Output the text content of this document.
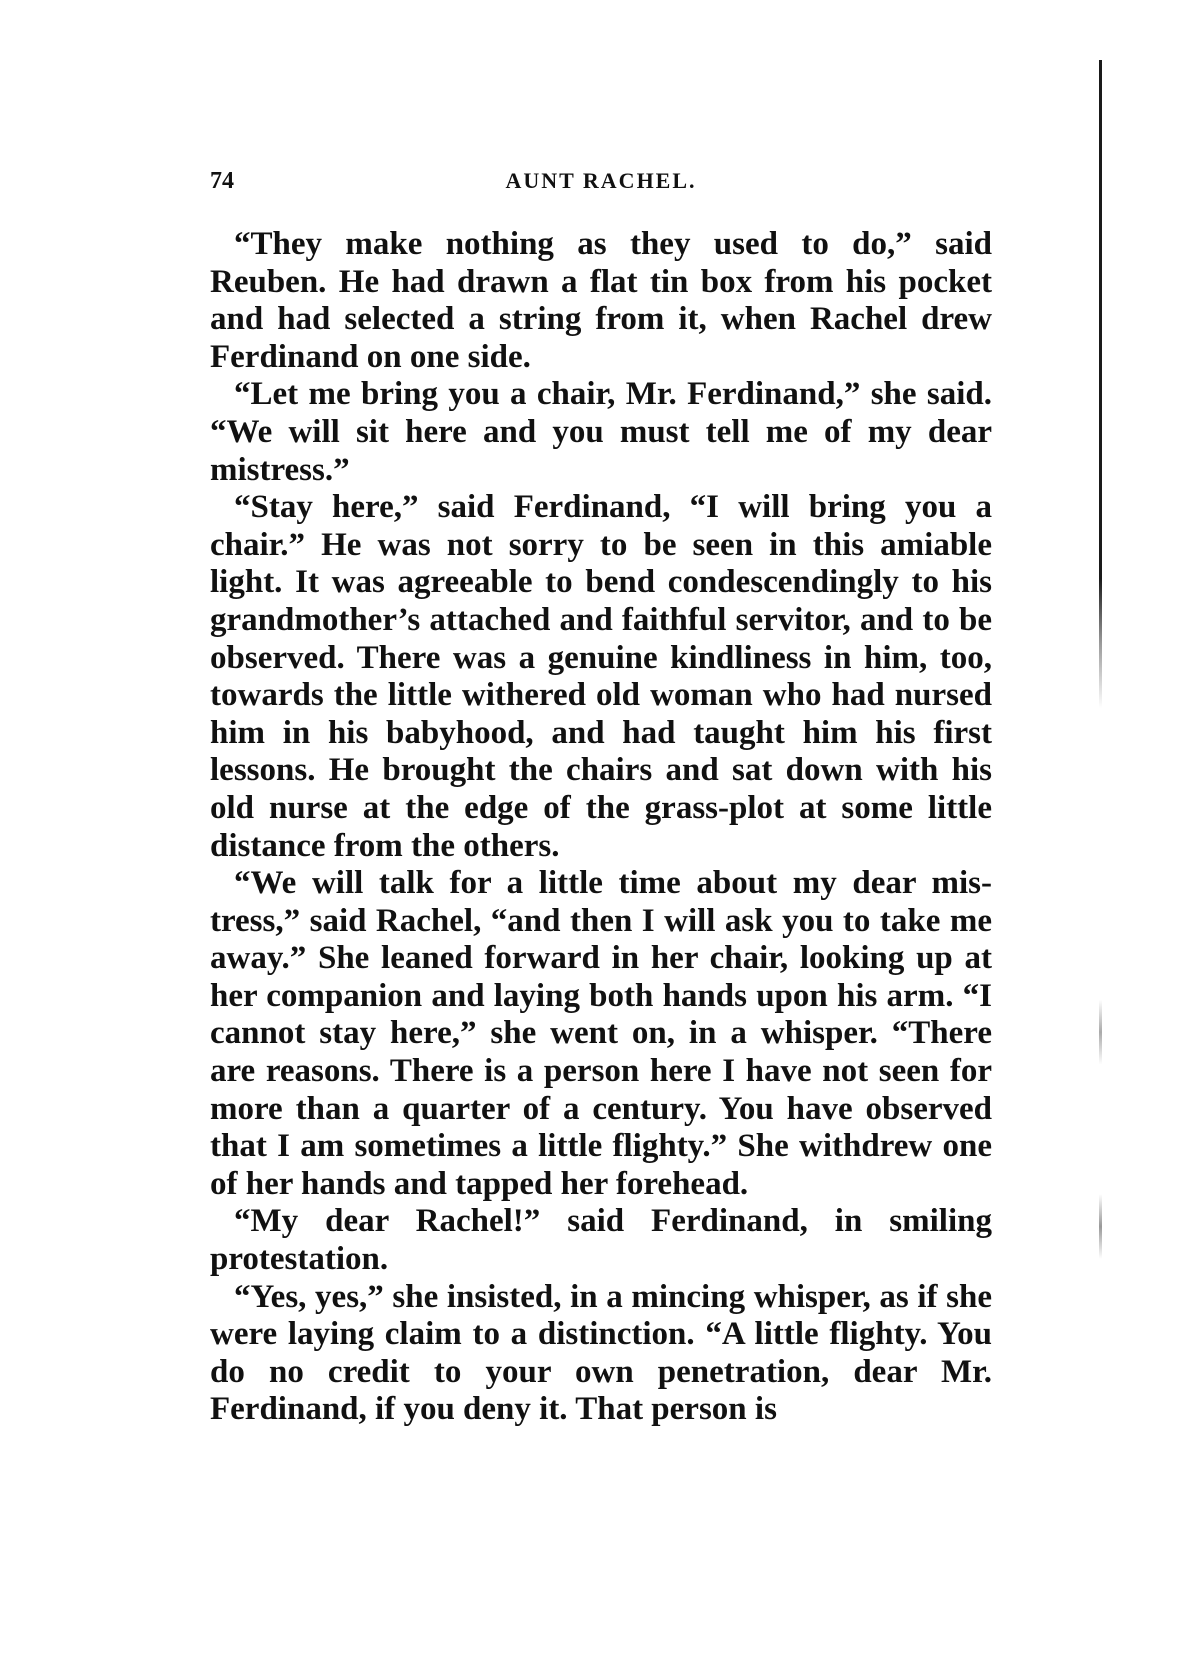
74	AUNT RACHEL.

“They make nothing as they used to do,” said Reuben. He had drawn a flat tin box from his pocket and had selected a string from it, when Rachel drew Ferdinand on one side.

“Let me bring you a chair, Mr. Ferdinand,” she said. “We will sit here and you must tell me of my dear mistress.”

“Stay here,” said Ferdinand, “I will bring you a chair.” He was not sorry to be seen in this amiable light. It was agreeable to bend condescendingly to his grandmother’s attached and faithful servitor, and to be observed. There was a genuine kindliness in him, too, towards the little withered old woman who had nursed him in his babyhood, and had taught him his first lessons. He brought the chairs and sat down with his old nurse at the edge of the grass-plot at some little distance from the others.

“We will talk for a little time about my dear mistress,” said Rachel, “and then I will ask you to take me away.” She leaned forward in her chair, looking up at her companion and laying both hands upon his arm. “I cannot stay here,” she went on, in a whisper. “There are reasons. There is a person here I have not seen for more than a quarter of a century. You have observed that I am sometimes a little flighty.” She withdrew one of her hands and tapped her forehead.

“My dear Rachel!” said Ferdinand, in smiling protestation.

“Yes, yes,” she insisted, in a mincing whisper, as if she were laying claim to a distinction. “A little flighty. You do no credit to your own penetration, dear Mr. Ferdinand, if you deny it. That person is
